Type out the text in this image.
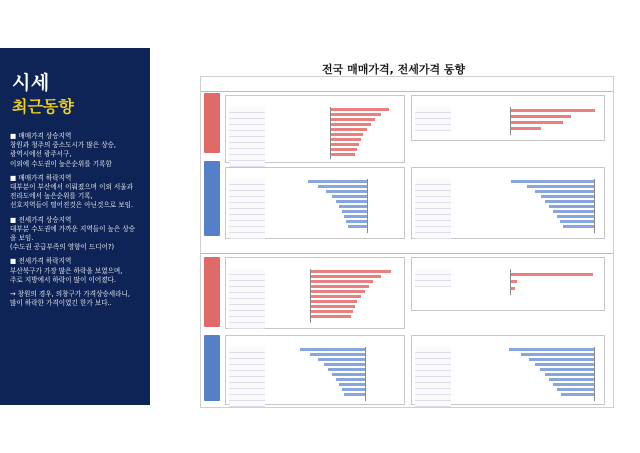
시세
최근동향

■ 매매가격 상승지역
창원과 청주의 중소도시가 많은 상승,
광역시에선 광주서구,
이외에 수도권이 높은순위를 기록함

■ 매매가격 하락지역
대부분이 부산에서 이뤄졌으며 이외 서울과
전라도에서 높은순위를 기록,
선호지역들이 떨어진것은 아닌것으로 보임.

■ 전세가격 상승지역
대부분 수도권에 가까운 지역들이 높은 상승
을 보임.
(수도권 공급부족의 영향이 드디어?)

■ 전세가격 하락지역
부산북구가 가장 많은 하락을 보였으며,
주로 지방에서 하락이 많이 이어졌다.

→ 창원의 경우, 의창구가 가격상승세라니,
많이 하락한 가격이였긴 한가 보다..

전국 매매가격, 전세가격 동향
